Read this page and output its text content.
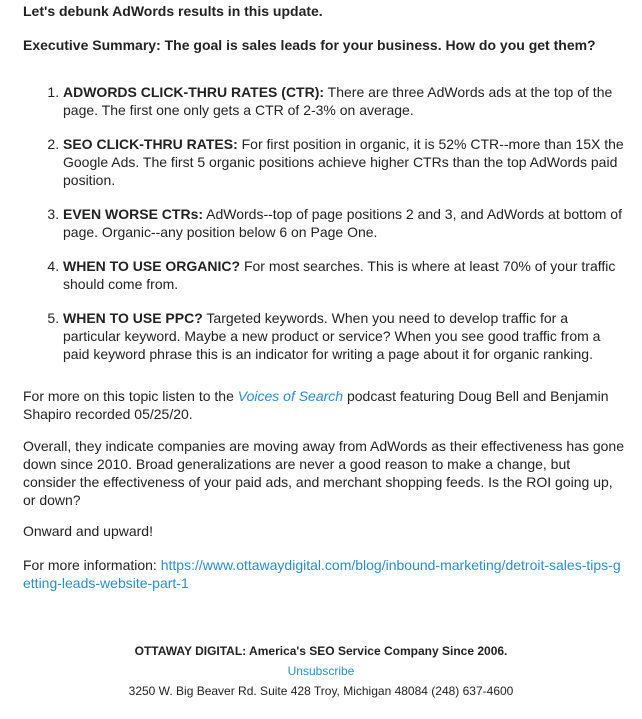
Let's debunk AdWords results in this update.

Executive Summary: The goal is sales leads for your business. How do you get them?

1. ADWORDS CLICK-THRU RATES (CTR): There are three AdWords ads at the top of the page. The first one only gets a CTR of 2-3% on average.
2. SEO CLICK-THRU RATES: For first position in organic, it is 52% CTR--more than 15X the Google Ads. The first 5 organic positions achieve higher CTRs than the top AdWords paid position.
3. EVEN WORSE CTRs: AdWords--top of page positions 2 and 3, and AdWords at bottom of page. Organic--any position below 6 on Page One.
4. WHEN TO USE ORGANIC? For most searches. This is where at least 70% of your traffic should come from.
5. WHEN TO USE PPC? Targeted keywords. When you need to develop traffic for a particular keyword. Maybe a new product or service? When you see good traffic from a paid keyword phrase this is an indicator for writing a page about it for organic ranking.

For more on this topic listen to the Voices of Search podcast featuring Doug Bell and Benjamin Shapiro recorded 05/25/20.

Overall, they indicate companies are moving away from AdWords as their effectiveness has gone down since 2010. Broad generalizations are never a good reason to make a change, but consider the effectiveness of your paid ads, and merchant shopping feeds. Is the ROI going up, or down?

Onward and upward!

For more information: https://www.ottawaydigital.com/blog/inbound-marketing/detroit-sales-tips-getting-leads-website-part-1

OTTAWAY DIGITAL: America's SEO Service Company Since 2006.
Unsubscribe
3250 W. Big Beaver Rd. Suite 428 Troy, Michigan 48084 (248) 637-4600
